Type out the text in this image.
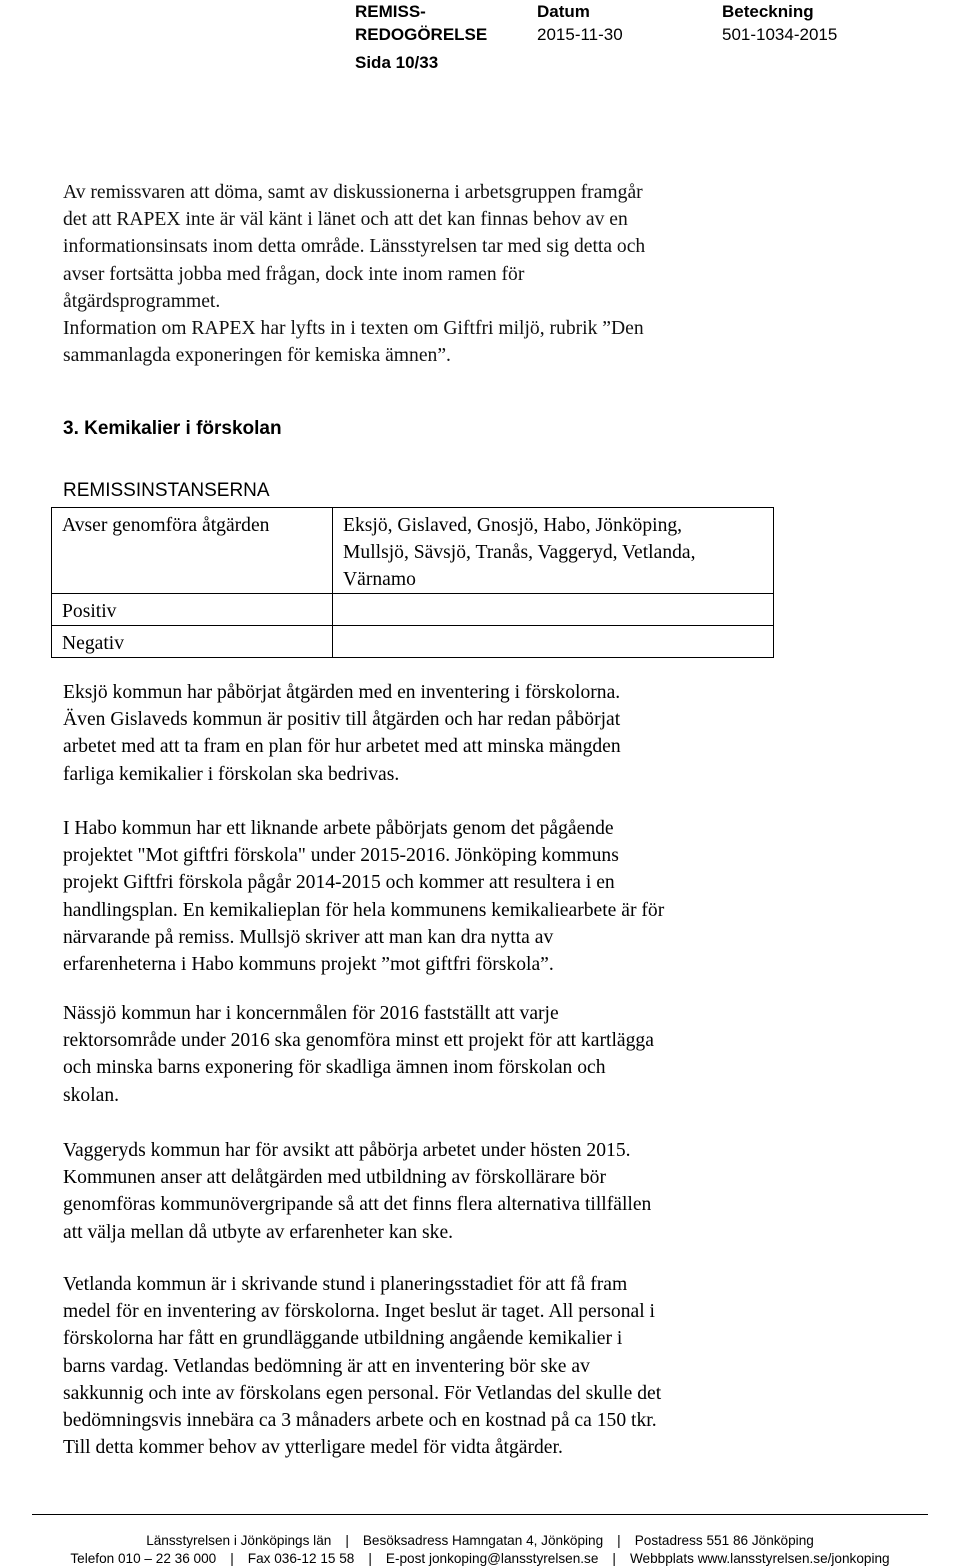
REMISS-
REDOGÖRELSE
Datum
2015-11-30
Beteckning
501-1034-2015
Sida 10/33

Av remissvaren att döma, samt av diskussionerna i arbetsgruppen framgår
det att RAPEX inte är väl känt i länet och att det kan finnas behov av en
informationsinsats inom detta område. Länsstyrelsen tar med sig detta och
avser fortsätta jobba med frågan, dock inte inom ramen för
åtgärdsprogrammet.
Information om RAPEX har lyfts in i texten om Giftfri miljö, rubrik ”Den
sammanlagda exponeringen för kemiska ämnen”.

3. Kemikalier i förskolan
REMISSINSTANSERNA
Avser genomföra åtgärden	Eksjö, Gislaved, Gnosjö, Habo, Jönköping,
Mullsjö, Sävsjö, Tranås, Vaggeryd, Vetlanda,
Värnamo

Positiv	

Negativ	

Eksjö kommun har påbörjat åtgärden med en inventering i förskolorna.
Även Gislaveds kommun är positiv till åtgärden och har redan påbörjat
arbetet med att ta fram en plan för hur arbetet med att minska mängden
farliga kemikalier i förskolan ska bedrivas.

I Habo kommun har ett liknande arbete påbörjats genom det pågående
projektet "Mot giftfri förskola" under 2015-2016. Jönköping kommuns
projekt Giftfri förskola pågår 2014-2015 och kommer att resultera i en
handlingsplan. En kemikalieplan för hela kommunens kemikaliearbete är för
närvarande på remiss. Mullsjö skriver att man kan dra nytta av
erfarenheterna i Habo kommuns projekt ”mot giftfri förskola”.

Nässjö kommun har i koncernmålen för 2016 fastställt att varje
rektorsområde under 2016 ska genomföra minst ett projekt för att kartlägga
och minska barns exponering för skadliga ämnen inom förskolan och
skolan.

Vaggeryds kommun har för avsikt att påbörja arbetet under hösten 2015.
Kommunen anser att delåtgärden med utbildning av förskollärare bör
genomföras kommunövergripande så att det finns flera alternativa tillfällen
att välja mellan då utbyte av erfarenheter kan ske.

Vetlanda kommun är i skrivande stund i planeringsstadiet för att få fram
medel för en inventering av förskolorna. Inget beslut är taget. All personal i
förskolorna har fått en grundläggande utbildning angående kemikalier i
barns vardag. Vetlandas bedömning är att en inventering bör ske av
sakkunnig och inte av förskolans egen personal. För Vetlandas del skulle det
bedömningsvis innebära ca 3 månaders arbete och en kostnad på ca 150 tkr.
Till detta kommer behov av ytterligare medel för vidta åtgärder.

Länsstyrelsen i Jönköpings län | Besöksadress Hamngatan 4, Jönköping | Postadress 551 86 Jönköping
Telefon 010 – 22 36 000 | Fax 036-12 15 58 | E-post jonkoping@lansstyrelsen.se | Webbplats www.lansstyrelsen.se/jonkoping
